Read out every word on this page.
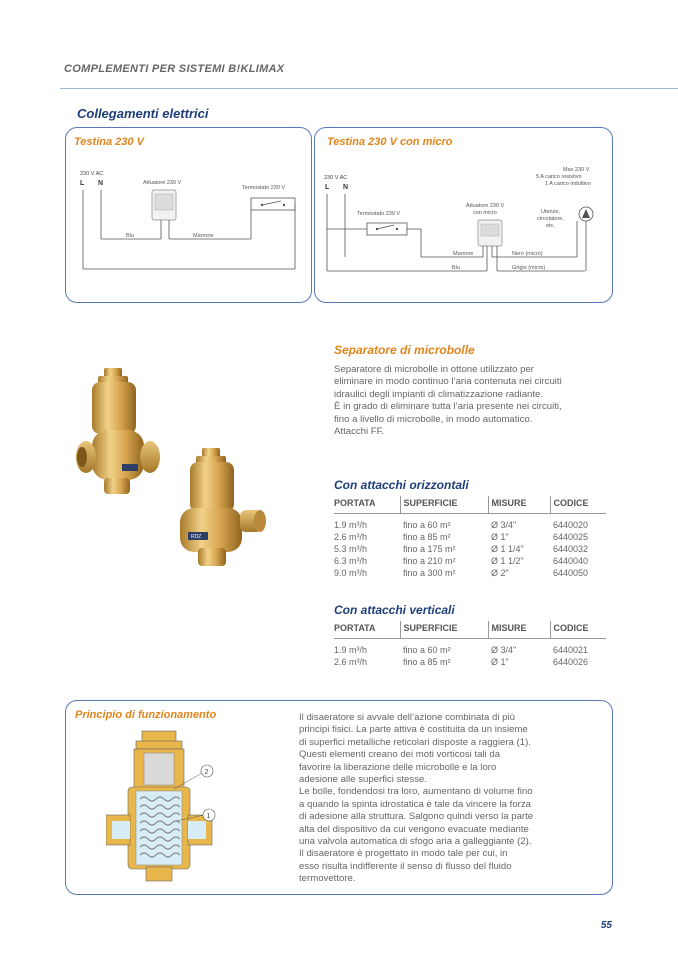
COMPLEMENTI PER SISTEMI B!KLIMAX
Collegamenti elettrici
Testina 230 V
230 V AC
L N	Attuatore 230 V
Blu	Marrone
Termostato 230 V
Testina 230 V con micro
230 V AC
L N
Termostato 230 V
Marrone
Attuatore 230 V
con micro
Blu
Nero (micro)
Grigio (micro)
Max 230 V
5 A carico resistivo
1 A carico induttivo
Utenze,
circolatore,
etc.
RDZ
Separatore di microbolle
Separatore di microbolle in ottone utilizzato per
eliminare in modo continuo l’aria contenuta nei circuiti
idraulici degli impianti di climatizzazione radiante.
È in grado di eliminare tutta l’aria presente nei circuiti,
fino a livello di microbolle, in modo automatico.
Attacchi FF.
Con attacchi orizzontali
PORTATA	SUPERFICIE	MISURE	CODICE

1.9 m³/h	fino a 60 m²	Ø 3/4"	6440020
2.6 m³/h	fino a 85 m²	Ø 1"	6440025
5.3 m³/h	fino a 175 m²	Ø 1 1/4"	6440032
6.3 m³/h	fino a 210 m²	Ø 1 1/2"	6440040
9.0 m³/h	fino a 300 m²	Ø 2"	6440050
Con attacchi verticali
PORTATA	SUPERFICIE	MISURE	CODICE

1.9 m³/h	fino a 60 m²	Ø 3/4"	6440021
2.6 m³/h	fino a 85 m²	Ø 1"	6440026
Principio di funzionamento
2
1
Il disaeratore si avvale dell’azione combinata di più
principi fisici. La parte attiva è costituita da un insieme
di superfici metalliche reticolari disposte a raggiera (1).
Questi elementi creano dei moti vorticosi tali da
favorire la liberazione delle microbolle e la loro
adesione alle superfici stesse.
Le bolle, fondendosi tra loro, aumentano di volume fino
a quando la spinta idrostatica è tale da vincere la forza
di adesione alla struttura. Salgono quindi verso la parte
alta del dispositivo da cui vengono evacuate mediante
una valvola automatica di sfogo aria a galleggiante (2).
Il disaeratore è progettato in modo tale per cui, in
esso risulta indifferente il senso di flusso del fluido
termovettore.
55
